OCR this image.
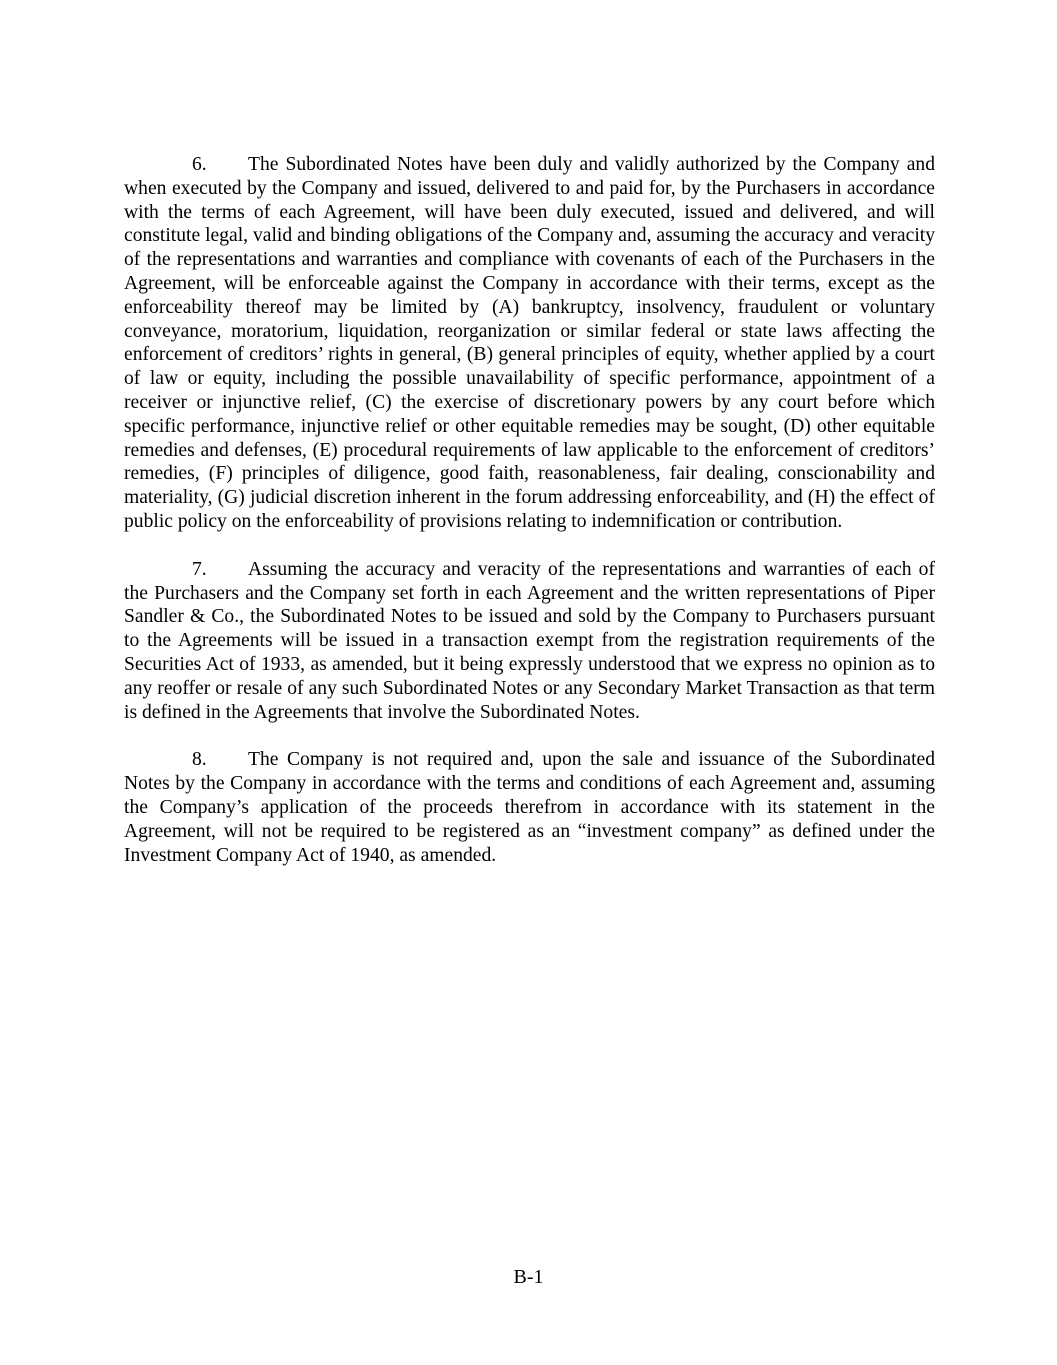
6. The Subordinated Notes have been duly and validly authorized by the Company and when executed by the Company and issued, delivered to and paid for, by the Purchasers in accordance with the terms of each Agreement, will have been duly executed, issued and delivered, and will constitute legal, valid and binding obligations of the Company and, assuming the accuracy and veracity of the representations and warranties and compliance with covenants of each of the Purchasers in the Agreement, will be enforceable against the Company in accordance with their terms, except as the enforceability thereof may be limited by (A) bankruptcy, insolvency, fraudulent or voluntary conveyance, moratorium, liquidation, reorganization or similar federal or state laws affecting the enforcement of creditors’ rights in general, (B) general principles of equity, whether applied by a court of law or equity, including the possible unavailability of specific performance, appointment of a receiver or injunctive relief, (C) the exercise of discretionary powers by any court before which specific performance, injunctive relief or other equitable remedies may be sought, (D) other equitable remedies and defenses, (E) procedural requirements of law applicable to the enforcement of creditors’ remedies, (F) principles of diligence, good faith, reasonableness, fair dealing, conscionability and materiality, (G) judicial discretion inherent in the forum addressing enforceability, and (H) the effect of public policy on the enforceability of provisions relating to indemnification or contribution.

7. Assuming the accuracy and veracity of the representations and warranties of each of the Purchasers and the Company set forth in each Agreement and the written representations of Piper Sandler & Co., the Subordinated Notes to be issued and sold by the Company to Purchasers pursuant to the Agreements will be issued in a transaction exempt from the registration requirements of the Securities Act of 1933, as amended, but it being expressly understood that we express no opinion as to any reoffer or resale of any such Subordinated Notes or any Secondary Market Transaction as that term is defined in the Agreements that involve the Subordinated Notes.

8. The Company is not required and, upon the sale and issuance of the Subordinated Notes by the Company in accordance with the terms and conditions of each Agreement and, assuming the Company’s application of the proceeds therefrom in accordance with its statement in the Agreement, will not be required to be registered as an “investment company” as defined under the Investment Company Act of 1940, as amended.

B-1
